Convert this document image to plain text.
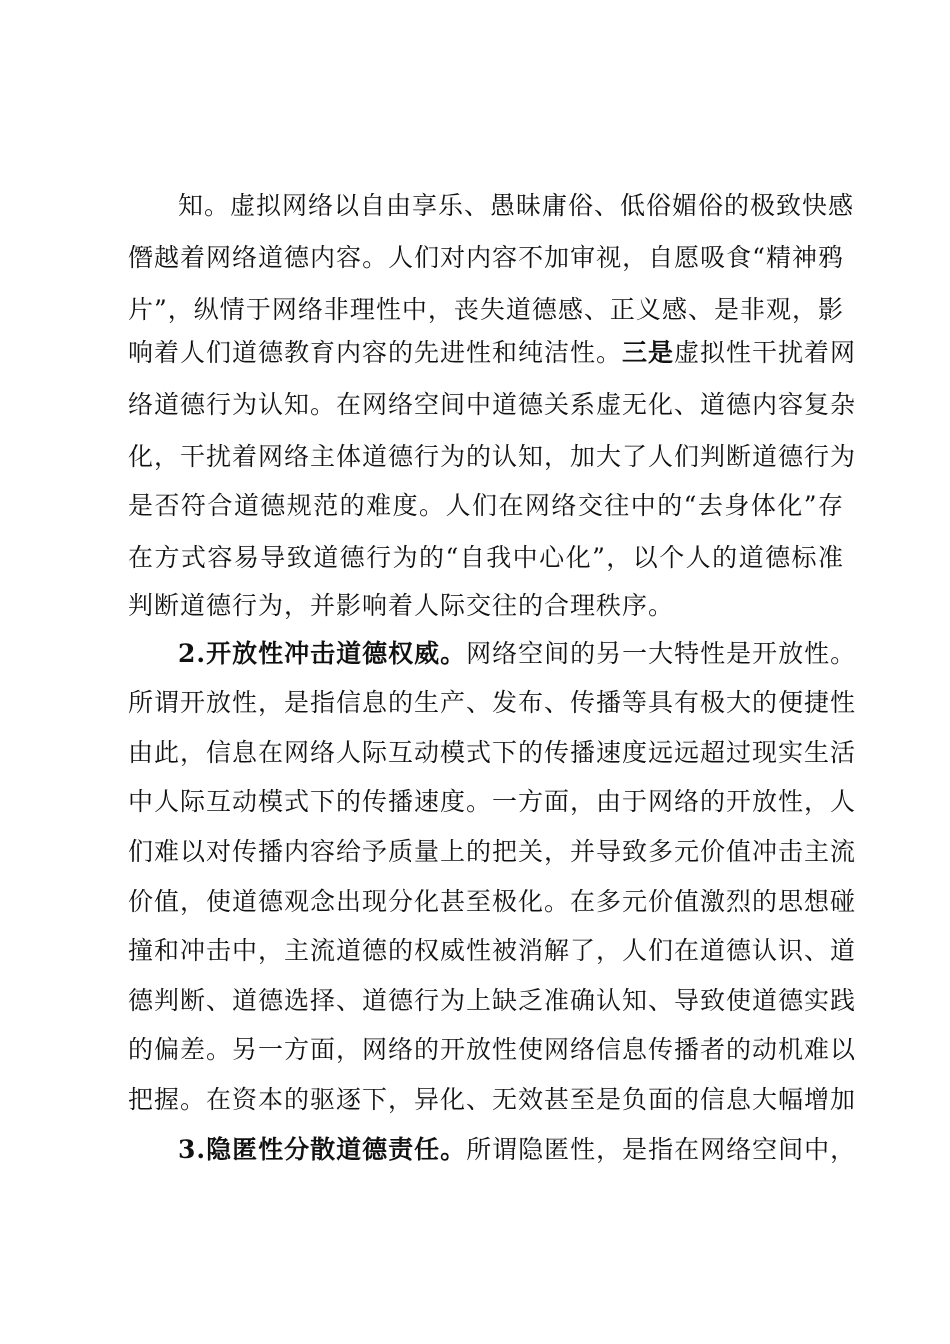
知。虚拟网络以自由享乐、愚昧庸俗、低俗媚俗的极致快感
僭越着网络道德内容。人们对内容不加审视，自愿吸食“精神鸦
片”，纵情于网络非理性中，丧失道德感、正义感、是非观，影
响着人们道德教育内容的先进性和纯洁性。三是虚拟性干扰着网
络道德行为认知。在网络空间中道德关系虚无化、道德内容复杂
化，干扰着网络主体道德行为的认知，加大了人们判断道德行为
是否符合道德规范的难度。人们在网络交往中的“去身体化”存
在方式容易导致道德行为的“自我中心化”，以个人的道德标准
判断道德行为，并影响着人际交往的合理秩序。
2.开放性冲击道德权威。网络空间的另一大特性是开放性。
所谓开放性，是指信息的生产、发布、传播等具有极大的便捷性
由此，信息在网络人际互动模式下的传播速度远远超过现实生活
中人际互动模式下的传播速度。一方面，由于网络的开放性，人
们难以对传播内容给予质量上的把关，并导致多元价值冲击主流
价值，使道德观念出现分化甚至极化。在多元价值激烈的思想碰
撞和冲击中，主流道德的权威性被消解了，人们在道德认识、道
德判断、道德选择、道德行为上缺乏准确认知、导致使道德实践
的偏差。另一方面，网络的开放性使网络信息传播者的动机难以
把握。在资本的驱逐下，异化、无效甚至是负面的信息大幅增加
3.隐匿性分散道德责任。所谓隐匿性，是指在网络空间中，
